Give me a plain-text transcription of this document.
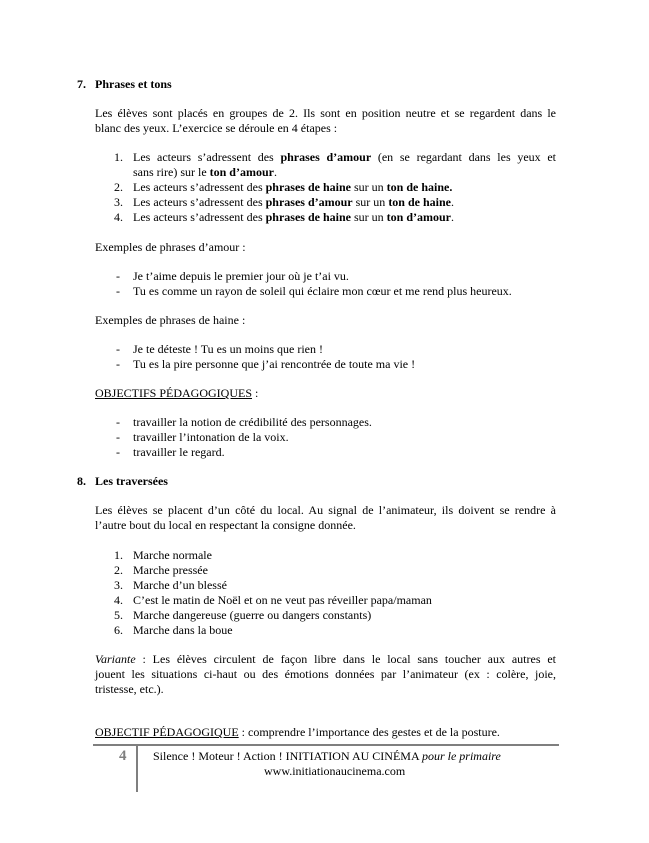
7. Phrases et tons
Les élèves sont placés en groupes de 2. Ils sont en position neutre et se regardent dans le
blanc des yeux. L’exercice se déroule en 4 étapes :
1. Les acteurs s’adressent des phrases d’amour (en se regardant dans les yeux et
sans rire) sur le ton d’amour.
2. Les acteurs s’adressent des phrases de haine sur un ton de haine.
3. Les acteurs s’adressent des phrases d’amour sur un ton de haine.
4. Les acteurs s’adressent des phrases de haine sur un ton d’amour.
Exemples de phrases d’amour :
- Je t’aime depuis le premier jour où je t’ai vu.
- Tu es comme un rayon de soleil qui éclaire mon cœur et me rend plus heureux.
Exemples de phrases de haine :
- Je te déteste ! Tu es un moins que rien !
- Tu es la pire personne que j’ai rencontrée de toute ma vie !
OBJECTIFS PÉDAGOGIQUES :
- travailler la notion de crédibilité des personnages.
- travailler l’intonation de la voix.
- travailler le regard.
8. Les traversées
Les élèves se placent d’un côté du local. Au signal de l’animateur, ils doivent se rendre à
l’autre bout du local en respectant la consigne donnée.
1. Marche normale
2. Marche pressée
3. Marche d’un blessé
4. C’est le matin de Noël et on ne veut pas réveiller papa/maman
5. Marche dangereuse (guerre ou dangers constants)
6. Marche dans la boue
Variante : Les élèves circulent de façon libre dans le local sans toucher aux autres et
jouent les situations ci-haut ou des émotions données par l’animateur (ex : colère, joie,
tristesse, etc.).
OBJECTIF PÉDAGOGIQUE : comprendre l’importance des gestes et de la posture.
4 Silence ! Moteur ! Action ! INITIATION AU CINÉMA pour le primaire
www.initiationaucinema.com
